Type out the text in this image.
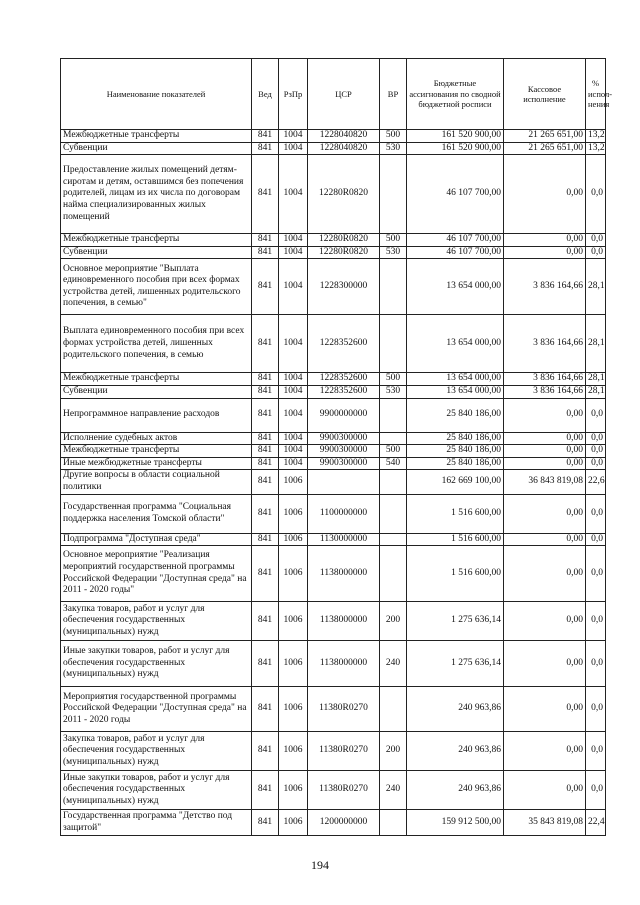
Наименование показателей	Вед	РзПр	ЦСР	ВР	Бюджетные ассигнования по сводной бюджетной росписи	Кассовое исполнение	% испол-нения
Межбюджетные трансферты	841	1004	1228040820	500	161 520 900,00	21 265 651,00	13,2
Субвенции	841	1004	1228040820	530	161 520 900,00	21 265 651,00	13,2
Предоставление жилых помещений детям-сиротам и детям, оставшимся без попечения родителей, лицам из их числа по договорам найма специализированных жилых помещений	841	1004	12280R0820		46 107 700,00	0,00	0,0
Межбюджетные трансферты	841	1004	12280R0820	500	46 107 700,00	0,00	0,0
Субвенции	841	1004	12280R0820	530	46 107 700,00	0,00	0,0
Основное мероприятие "Выплата единовременного пособия при всех формах устройства детей, лишенных родительского попечения, в семью"	841	1004	1228300000		13 654 000,00	3 836 164,66	28,1
Выплата единовременного пособия при всех формах устройства детей, лишенных родительского попечения, в семью	841	1004	1228352600		13 654 000,00	3 836 164,66	28,1
Межбюджетные трансферты	841	1004	1228352600	500	13 654 000,00	3 836 164,66	28,1
Субвенции	841	1004	1228352600	530	13 654 000,00	3 836 164,66	28,1
Непрограммное направление расходов	841	1004	9900000000		25 840 186,00	0,00	0,0
Исполнение судебных актов	841	1004	9900300000		25 840 186,00	0,00	0,0
Межбюджетные трансферты	841	1004	9900300000	500	25 840 186,00	0,00	0,0
Иные межбюджетные трансферты	841	1004	9900300000	540	25 840 186,00	0,00	0,0
Другие вопросы в области социальной политики	841	1006			162 669 100,00	36 843 819,08	22,6
Государственная программа "Социальная поддержка населения Томской области"	841	1006	1100000000		1 516 600,00	0,00	0,0
Подпрограмма "Доступная среда"	841	1006	1130000000		1 516 600,00	0,00	0,0
Основное мероприятие "Реализация мероприятий государственной программы Российской Федерации "Доступная среда" на 2011 - 2020 годы"	841	1006	1138000000		1 516 600,00	0,00	0,0
Закупка товаров, работ и услуг для обеспечения государственных (муниципальных) нужд	841	1006	1138000000	200	1 275 636,14	0,00	0,0
Иные закупки товаров, работ и услуг для обеспечения государственных (муниципальных) нужд	841	1006	1138000000	240	1 275 636,14	0,00	0,0
Мероприятия государственной программы Российской Федерации "Доступная среда" на 2011 - 2020 годы	841	1006	11380R0270		240 963,86	0,00	0,0
Закупка товаров, работ и услуг для обеспечения государственных (муниципальных) нужд	841	1006	11380R0270	200	240 963,86	0,00	0,0
Иные закупки товаров, работ и услуг для обеспечения государственных (муниципальных) нужд	841	1006	11380R0270	240	240 963,86	0,00	0,0
Государственная программа "Детство под защитой"	841	1006	1200000000		159 912 500,00	35 843 819,08	22,4
194
